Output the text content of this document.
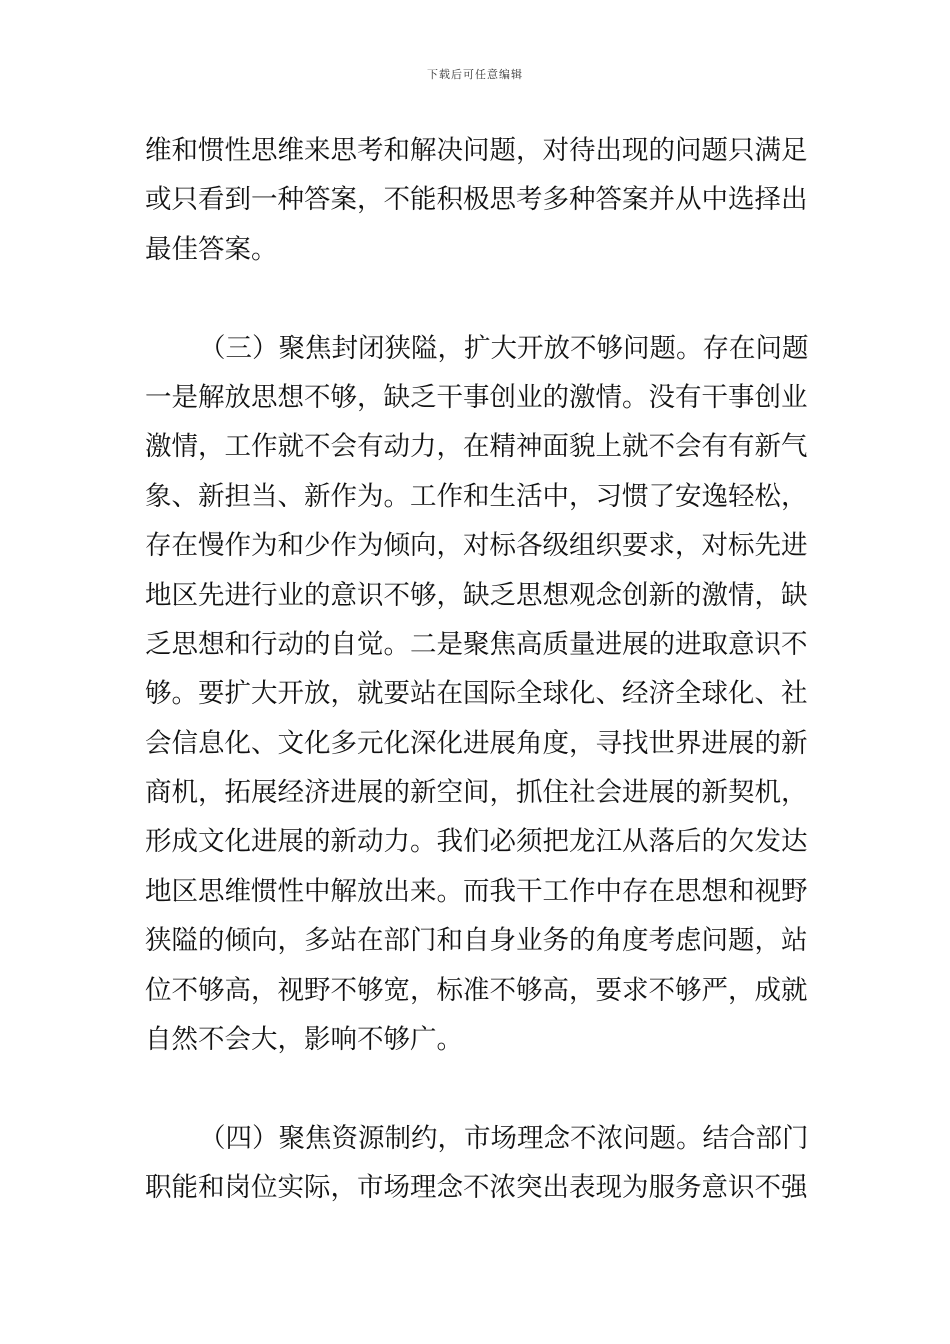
下载后可任意编辑
维和惯性思维来思考和解决问题，对待出现的问题只满足
或只看到一种答案，不能积极思考多种答案并从中选择出
最佳答案。
（三）聚焦封闭狭隘，扩大开放不够问题。存在问题
一是解放思想不够，缺乏干事创业的激情。没有干事创业
激情，工作就不会有动力，在精神面貌上就不会有有新气
象、新担当、新作为。工作和生活中，习惯了安逸轻松，
存在慢作为和少作为倾向，对标各级组织要求，对标先进
地区先进行业的意识不够，缺乏思想观念创新的激情，缺
乏思想和行动的自觉。二是聚焦高质量进展的进取意识不
够。要扩大开放，就要站在国际全球化、经济全球化、社
会信息化、文化多元化深化进展角度，寻找世界进展的新
商机，拓展经济进展的新空间，抓住社会进展的新契机，
形成文化进展的新动力。我们必须把龙江从落后的欠发达
地区思维惯性中解放出来。而我干工作中存在思想和视野
狭隘的倾向，多站在部门和自身业务的角度考虑问题，站
位不够高，视野不够宽，标准不够高，要求不够严，成就
自然不会大，影响不够广。
（四）聚焦资源制约，市场理念不浓问题。结合部门
职能和岗位实际，市场理念不浓突出表现为服务意识不强
